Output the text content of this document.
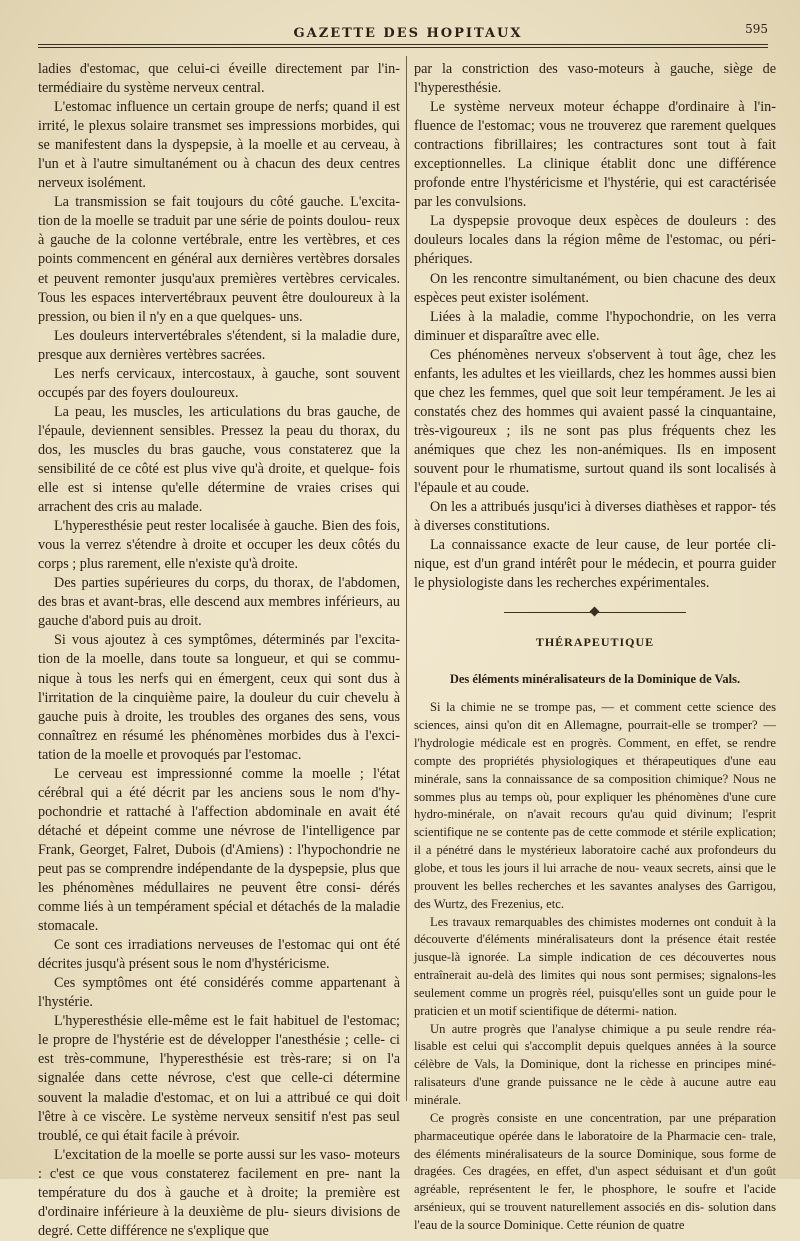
GAZETTE DES HOPITAUX	595

ladies d'estomac, que celui-ci éveille directement par l'in- termédiaire du système nerveux central.

L'estomac influence un certain groupe de nerfs; quand il est irrité, le plexus solaire transmet ses impressions morbides, qui se manifestent dans la dyspepsie, à la moelle et au cerveau, à l'un et à l'autre simultanément ou à chacun des deux centres nerveux isolément.

La transmission se fait toujours du côté gauche. L'excita- tion de la moelle se traduit par une série de points doulou- reux à gauche de la colonne vertébrale, entre les vertèbres, et ces points commencent en général aux dernières vertèbres dorsales et peuvent remonter jusqu'aux premières vertèbres cervicales. Tous les espaces intervertébraux peuvent être douloureux à la pression, ou bien il n'y en a que quelques- uns.

Les douleurs intervertébrales s'étendent, si la maladie dure, presque aux dernières vertèbres sacrées.

Les nerfs cervicaux, intercostaux, à gauche, sont souvent occupés par des foyers douloureux.

La peau, les muscles, les articulations du bras gauche, de l'épaule, deviennent sensibles. Pressez la peau du thorax, du dos, les muscles du bras gauche, vous constaterez que la sensibilité de ce côté est plus vive qu'à droite, et quelque- fois elle est si intense qu'elle détermine de vraies crises qui arrachent des cris au malade.

L'hyperesthésie peut rester localisée à gauche. Bien des fois, vous la verrez s'étendre à droite et occuper les deux côtés du corps ; plus rarement, elle n'existe qu'à droite.

Des parties supérieures du corps, du thorax, de l'abdomen, des bras et avant-bras, elle descend aux membres inférieurs, au gauche d'abord puis au droit.

Si vous ajoutez à ces symptômes, déterminés par l'excita- tion de la moelle, dans toute sa longueur, et qui se commu- nique à tous les nerfs qui en émergent, ceux qui sont dus à l'irritation de la cinquième paire, la douleur du cuir chevelu à gauche puis à droite, les troubles des organes des sens, vous connaîtrez en résumé les phénomènes morbides dus à l'exci- tation de la moelle et provoqués par l'estomac.

Le cerveau est impressionné comme la moelle ; l'état cérébral qui a été décrit par les anciens sous le nom d'hy- pochondrie et rattaché à l'affection abdominale en avait été détaché et dépeint comme une névrose de l'intelligence par Frank, Georget, Falret, Dubois (d'Amiens) : l'hypochondrie ne peut pas se comprendre indépendante de la dyspepsie, plus que les phénomènes médullaires ne peuvent être consi- dérés comme liés à un tempérament spécial et détachés de la maladie stomacale.

Ce sont ces irradiations nerveuses de l'estomac qui ont été décrites jusqu'à présent sous le nom d'hystéricisme.

Ces symptômes ont été considérés comme appartenant à l'hystérie.

L'hyperesthésie elle-même est le fait habituel de l'estomac; le propre de l'hystérie est de développer l'anesthésie ; celle- ci est très-commune, l'hyperesthésie est très-rare; si on l'a signalée dans cette névrose, c'est que celle-ci détermine souvent la maladie d'estomac, et on lui a attribué ce qui doit l'être à ce viscère. Le système nerveux sensitif n'est pas seul troublé, ce qui était facile à prévoir.

L'excitation de la moelle se porte aussi sur les vaso- moteurs : c'est ce que vous constaterez facilement en pre- nant la température du dos à gauche et à droite; la première est d'ordinaire inférieure à la deuxième de plu- sieurs divisions de degré. Cette différence ne s'explique que

par la constriction des vaso-moteurs à gauche, siège de l'hyperesthésie.

Le système nerveux moteur échappe d'ordinaire à l'in- fluence de l'estomac; vous ne trouverez que rarement quelques contractions fibrillaires; les contractures sont tout à fait exceptionnelles. La clinique établit donc une différence profonde entre l'hystéricisme et l'hystérie, qui est caractérisée par les convulsions.

La dyspepsie provoque deux espèces de douleurs : des douleurs locales dans la région même de l'estomac, ou péri- phériques.

On les rencontre simultanément, ou bien chacune des deux espèces peut exister isolément.

Liées à la maladie, comme l'hypochondrie, on les verra diminuer et disparaître avec elle.

Ces phénomènes nerveux s'observent à tout âge, chez les enfants, les adultes et les vieillards, chez les hommes aussi bien que chez les femmes, quel que soit leur tempérament. Je les ai constatés chez des hommes qui avaient passé la cinquantaine, très-vigoureux ; ils ne sont pas plus fréquents chez les anémiques que chez les non-anémiques. Ils en imposent souvent pour le rhumatisme, surtout quand ils sont localisés à l'épaule et au coude.

On les a attribués jusqu'ici à diverses diathèses et rappor- tés à diverses constitutions.

La connaissance exacte de leur cause, de leur portée cli- nique, est d'un grand intérêt pour le médecin, et pourra guider le physiologiste dans les recherches expérimentales.

THÉRAPEUTIQUE
Des éléments minéralisateurs de la Dominique de Vals.

Si la chimie ne se trompe pas, — et comment cette science des sciences, ainsi qu'on dit en Allemagne, pourrait-elle se tromper? — l'hydrologie médicale est en progrès. Comment, en effet, se rendre compte des propriétés physiologiques et thérapeutiques d'une eau minérale, sans la connaissance de sa composition chimique? Nous ne sommes plus au temps où, pour expliquer les phénomènes d'une cure hydro-minérale, on n'avait recours qu'au quid divinum; l'esprit scientifique ne se contente pas de cette commode et stérile explication; il a pénétré dans le mystérieux laboratoire caché aux profondeurs du globe, et tous les jours il lui arrache de nou- veaux secrets, ainsi que le prouvent les belles recherches et les savantes analyses des Garrigou, des Wurtz, des Frezenius, etc.

Les travaux remarquables des chimistes modernes ont conduit à la découverte d'éléments minéralisateurs dont la présence était restée jusque-là ignorée. La simple indication de ces découvertes nous entraînerait au-delà des limites qui nous sont permises; signalons-les seulement comme un progrès réel, puisqu'elles sont un guide pour le praticien et un motif scientifique de détermi- nation.

Un autre progrès que l'analyse chimique a pu seule rendre réa- lisable est celui qui s'accomplit depuis quelques années à la source célèbre de Vals, la Dominique, dont la richesse en principes miné- ralisateurs d'une grande puissance ne le cède à aucune autre eau minérale.

Ce progrès consiste en une concentration, par une préparation pharmaceutique opérée dans le laboratoire de la Pharmacie cen- trale, des éléments minéralisateurs de la source Dominique, sous forme de dragées. Ces dragées, en effet, d'un aspect séduisant et d'un goût agréable, représentent le fer, le phosphore, le soufre et l'acide arsénieux, qui se trouvent naturellement associés en dis- solution dans l'eau de la source Dominique. Cette réunion de quatre
